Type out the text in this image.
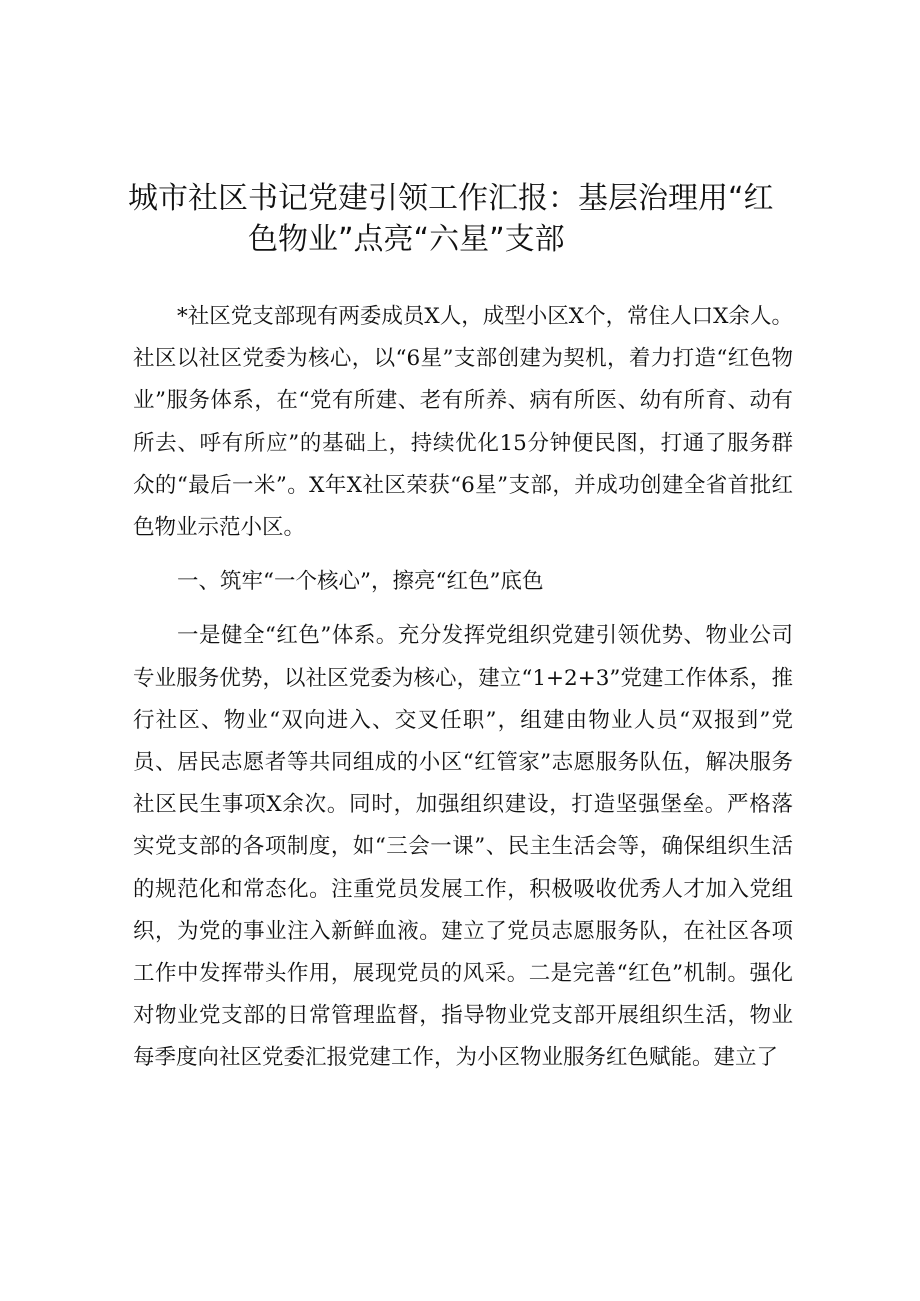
城市社区书记党建引领工作汇报：基层治理用“红
色物业”点亮“六星”支部

*社区党支部现有两委成员X人，成型小区X个，常住人口X余人。社区以社区党委为核心，以“6星”支部创建为契机，着力打造“红色物业”服务体系，在“党有所建、老有所养、病有所医、幼有所育、动有所去、呼有所应”的基础上，持续优化15分钟便民图，打通了服务群众的“最后一米”。X年X社区荣获“6星”支部，并成功创建全省首批红色物业示范小区。

一、筑牢“一个核心”，擦亮“红色”底色

一是健全“红色”体系。充分发挥党组织党建引领优势、物业公司专业服务优势，以社区党委为核心，建立“1+2+3”党建工作体系，推行社区、物业“双向进入、交叉任职”，组建由物业人员“双报到”党员、居民志愿者等共同组成的小区“红管家”志愿服务队伍，解决服务社区民生事项X余次。同时，加强组织建设，打造坚强堡垒。严格落实党支部的各项制度，如“三会一课”、民主生活会等，确保组织生活的规范化和常态化。注重党员发展工作，积极吸收优秀人才加入党组织，为党的事业注入新鲜血液。建立了党员志愿服务队，在社区各项工作中发挥带头作用，展现党员的风采。二是完善“红色”机制。强化对物业党支部的日常管理监督，指导物业党支部开展组织生活，物业每季度向社区党委汇报党建工作，为小区物业服务红色赋能。建立了
